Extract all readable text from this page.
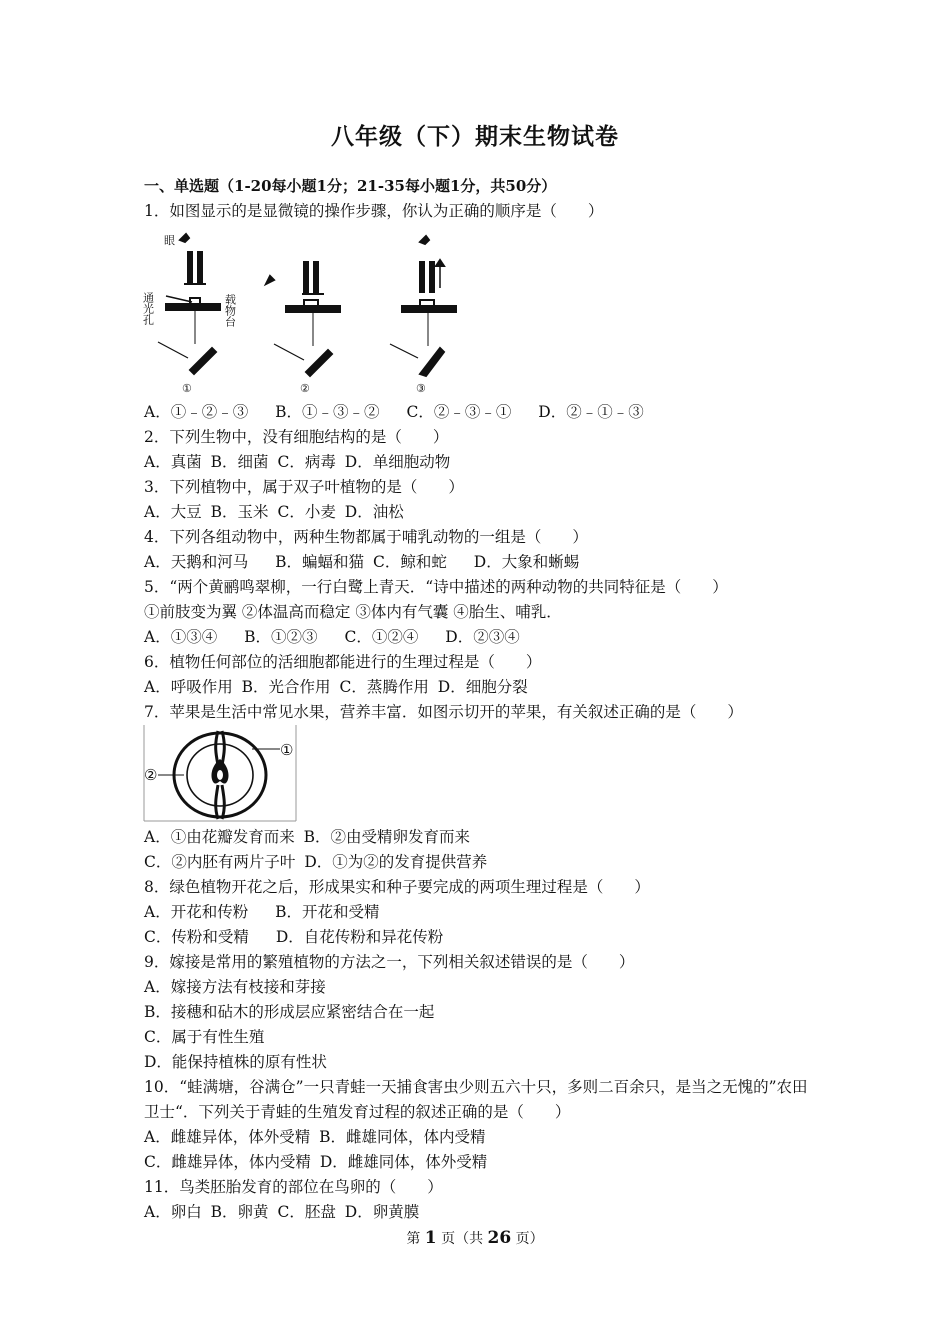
八年级（下）期末生物试卷
一、单选题（1-20每小题1分；21-35每小题1分，共50分）
1．如图显示的是显微镜的操作步骤，你认为正确的顺序是（　　）
眼
通光孔	载物台
①	②	③
A．①﹣②﹣③ B．①﹣③﹣② C．②﹣③﹣① D．②﹣①﹣③
2．下列生物中，没有细胞结构的是（　　）
A．真菌 B．细菌 C．病毒 D．单细胞动物
3．下列植物中，属于双子叶植物的是（　　）
A．大豆 B．玉米 C．小麦 D．油松
4．下列各组动物中，两种生物都属于哺乳动物的一组是（　　）
A．天鹅和河马 B．蝙蝠和猫 C．鲸和蛇 D．大象和蜥蜴
5．“两个黄鹂鸣翠柳，一行白鹭上青天．“诗中描述的两种动物的共同特征是（　　）
①前肢变为翼 ②体温高而稳定 ③体内有气囊 ④胎生、哺乳．
A．①③④ B．①②③ C．①②④ D．②③④
6．植物任何部位的活细胞都能进行的生理过程是（　　）
A．呼吸作用 B．光合作用 C．蒸腾作用 D．细胞分裂
7．苹果是生活中常见水果，营养丰富．如图示切开的苹果，有关叙述正确的是（　　）
①
②
A．①由花瓣发育而来 B．②由受精卵发育而来
C．②内胚有两片子叶 D．①为②的发育提供营养
8．绿色植物开花之后，形成果实和种子要完成的两项生理过程是（　　）
A．开花和传粉 B．开花和受精
C．传粉和受精 D．自花传粉和异花传粉
9．嫁接是常用的繁殖植物的方法之一，下列相关叙述错误的是（　　）
A．嫁接方法有枝接和芽接
B．接穗和砧木的形成层应紧密结合在一起
C．属于有性生殖
D．能保持植株的原有性状
10．“蛙满塘，谷满仓”一只青蛙一天捕食害虫少则五六十只，多则二百余只，是当之无愧的”农田卫士“．下列关于青蛙的生殖发育过程的叙述正确的是（　　）
A．雌雄异体，体外受精 B．雌雄同体，体内受精
C．雌雄异体，体内受精 D．雌雄同体，体外受精
11．鸟类胚胎发育的部位在鸟卵的（　　）
A．卵白 B．卵黄 C．胚盘 D．卵黄膜
第 1 页（共 26 页）
